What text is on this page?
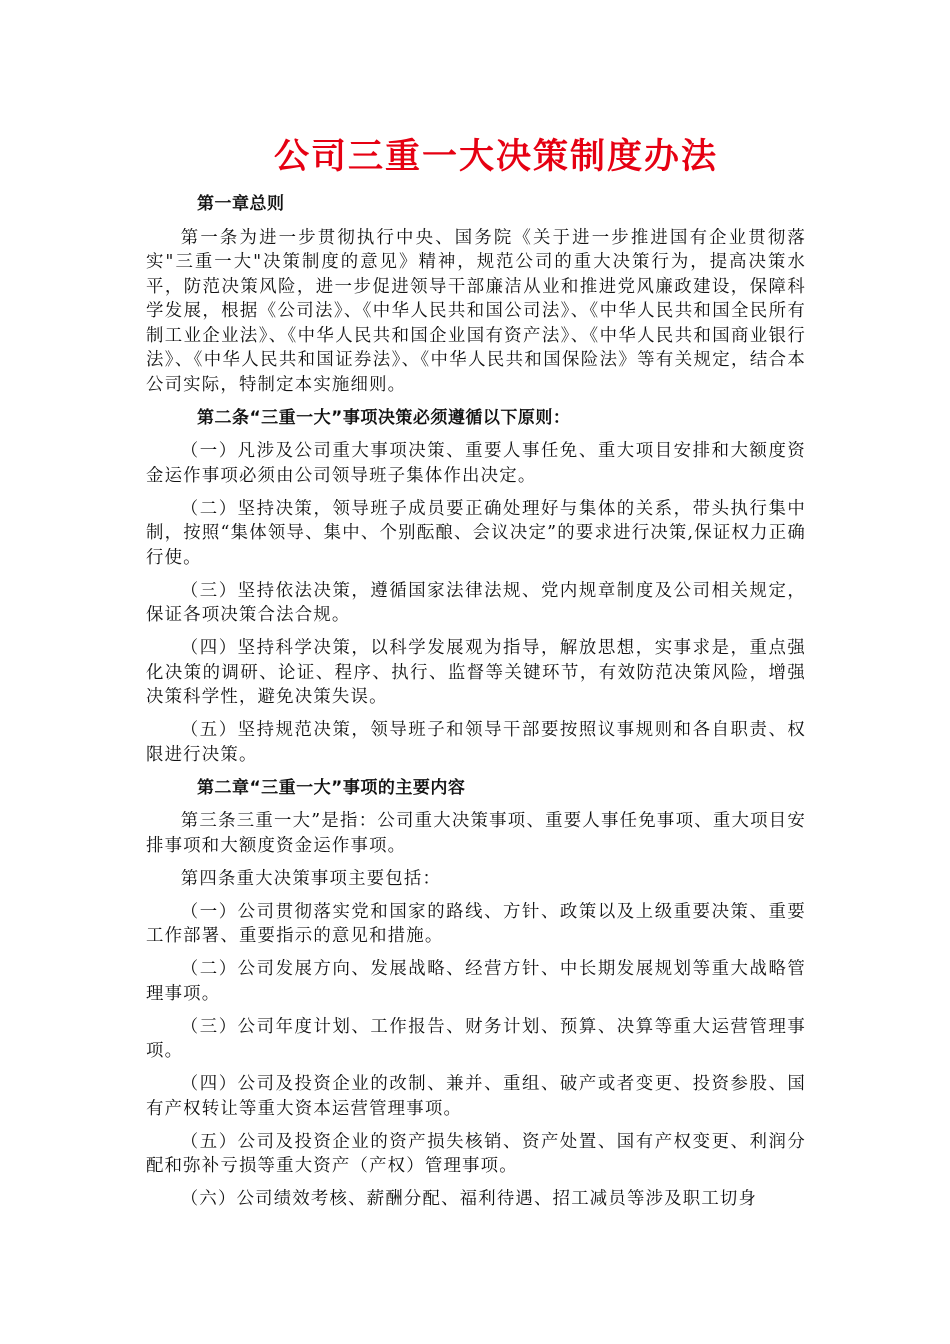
公司三重一大决策制度办法
第一章总则
第一条为进一步贯彻执行中央、国务院《关于进一步推进国有企业贯彻落实"三重一大"决策制度的意见》精神，规范公司的重大决策行为，提高决策水平，防范决策风险，进一步促进领导干部廉洁从业和推进党风廉政建设，保障科学发展，根据《公司法》、《中华人民共和国公司法》、《中华人民共和国全民所有制工业企业法》、《中华人民共和国企业国有资产法》、《中华人民共和国商业银行法》、《中华人民共和国证券法》、《中华人民共和国保险法》等有关规定，结合本公司实际，特制定本实施细则。
第二条“三重一大”事项决策必须遵循以下原则：
（一）凡涉及公司重大事项决策、重要人事任免、重大项目安排和大额度资金运作事项必须由公司领导班子集体作出决定。
（二）坚持决策，领导班子成员要正确处理好与集体的关系，带头执行集中制，按照“集体领导、集中、个别酝酿、会议决定”的要求进行决策,保证权力正确行使。
（三）坚持依法决策，遵循国家法律法规、党内规章制度及公司相关规定，保证各项决策合法合规。
（四）坚持科学决策，以科学发展观为指导，解放思想，实事求是，重点强化决策的调研、论证、程序、执行、监督等关键环节，有效防范决策风险，增强决策科学性，避免决策失误。
（五）坚持规范决策，领导班子和领导干部要按照议事规则和各自职责、权限进行决策。
第二章“三重一大”事项的主要内容
第三条三重一大”是指：公司重大决策事项、重要人事任免事项、重大项目安排事项和大额度资金运作事项。
第四条重大决策事项主要包括：
（一）公司贯彻落实党和国家的路线、方针、政策以及上级重要决策、重要工作部署、重要指示的意见和措施。
（二）公司发展方向、发展战略、经营方针、中长期发展规划等重大战略管理事项。
（三）公司年度计划、工作报告、财务计划、预算、决算等重大运营管理事项。
（四）公司及投资企业的改制、兼并、重组、破产或者变更、投资参股、国有产权转让等重大资本运营管理事项。
（五）公司及投资企业的资产损失核销、资产处置、国有产权变更、利润分配和弥补亏损等重大资产（产权）管理事项。
（六）公司绩效考核、薪酬分配、福利待遇、招工减员等涉及职工切身
